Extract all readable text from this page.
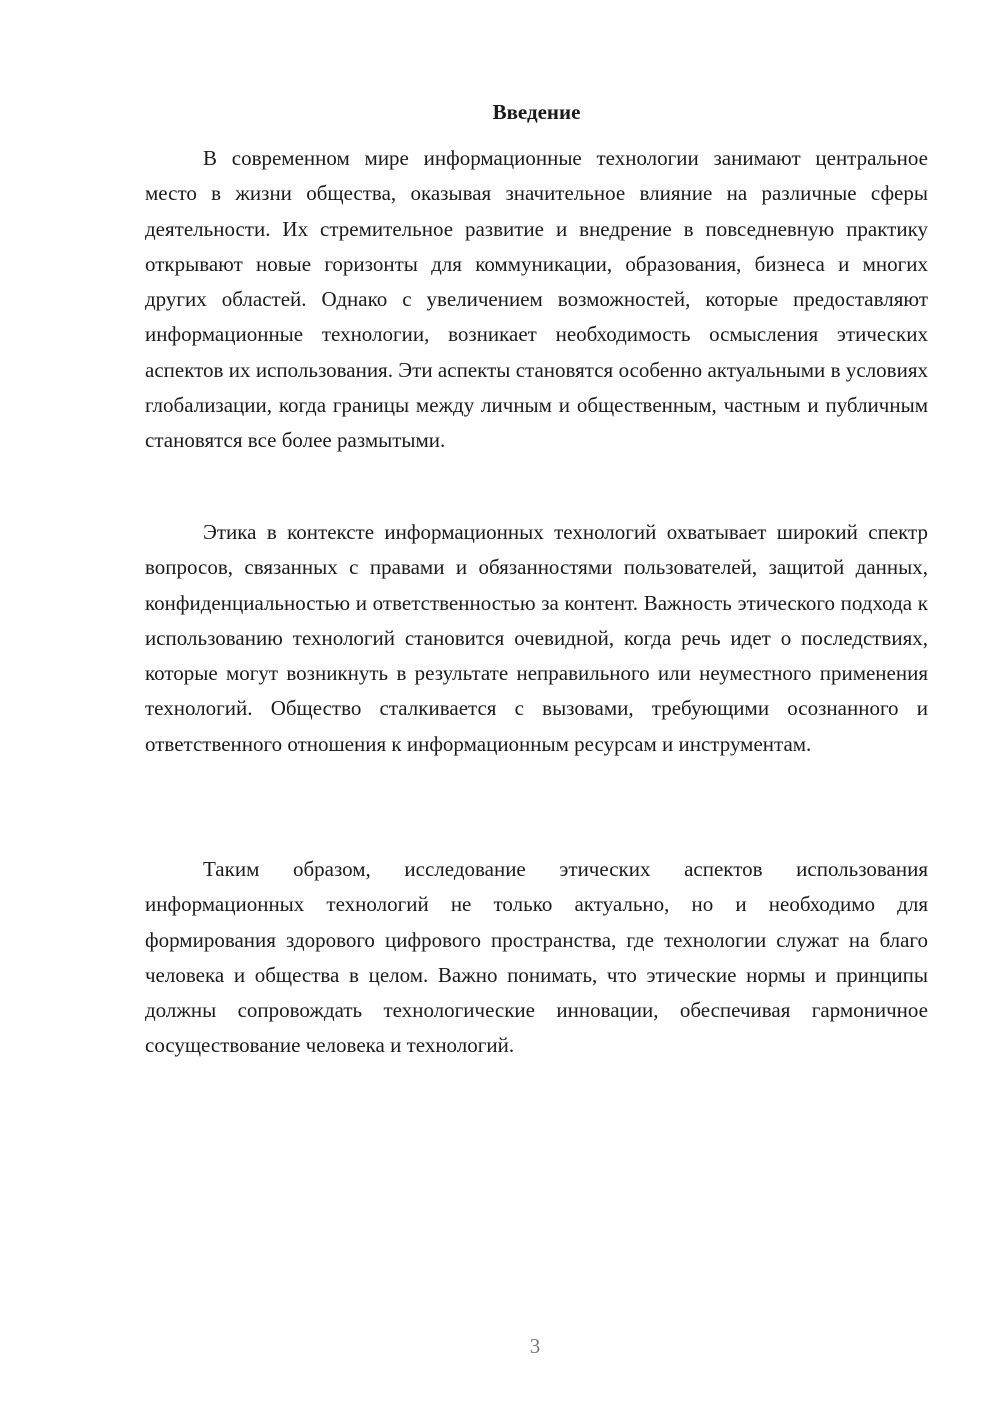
Введение

В современном мире информационные технологии занимают центральное место в жизни общества, оказывая значительное влияние на различные сферы деятельности. Их стремительное развитие и внедрение в повседневную практику открывают новые горизонты для коммуникации, образования, бизнеса и многих других областей. Однако с увеличением возможностей, которые предоставляют информационные технологии, возникает необходимость осмысления этических аспектов их использования. Эти аспекты становятся особенно актуальными в условиях глобализации, когда границы между личным и общественным, частным и публичным становятся все более размытыми.

Этика в контексте информационных технологий охватывает широкий спектр вопросов, связанных с правами и обязанностями пользователей, защитой данных, конфиденциальностью и ответственностью за контент. Важность этического подхода к использованию технологий становится очевидной, когда речь идет о последствиях, которые могут возникнуть в результате неправильного или неуместного применения технологий. Общество сталкивается с вызовами, требующими осознанного и ответственного отношения к информационным ресурсам и инструментам.

Таким образом, исследование этических аспектов использования информационных технологий не только актуально, но и необходимо для формирования здорового цифрового пространства, где технологии служат на благо человека и общества в целом. Важно понимать, что этические нормы и принципы должны сопровождать технологические инновации, обеспечивая гармоничное сосуществование человека и технологий.

3
